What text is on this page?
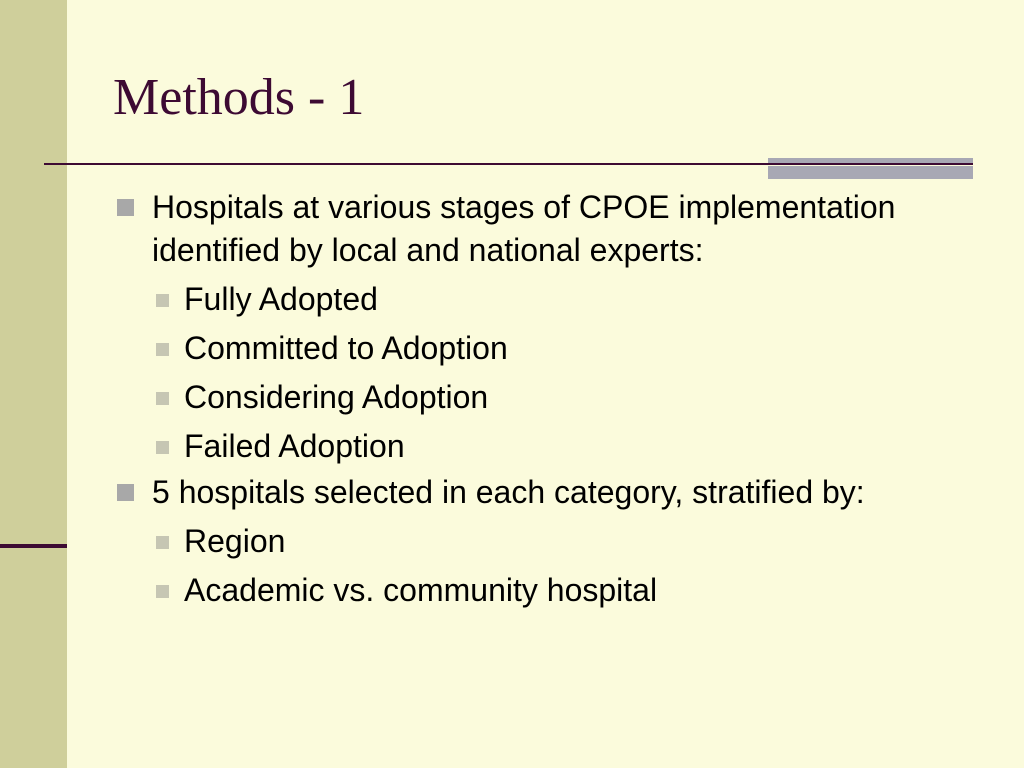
Methods - 1
Hospitals at various stages of CPOE implementation identified by local and national experts:
Fully Adopted
Committed to Adoption
Considering Adoption
Failed Adoption
5 hospitals selected in each category, stratified by:
Region
Academic vs. community hospital
